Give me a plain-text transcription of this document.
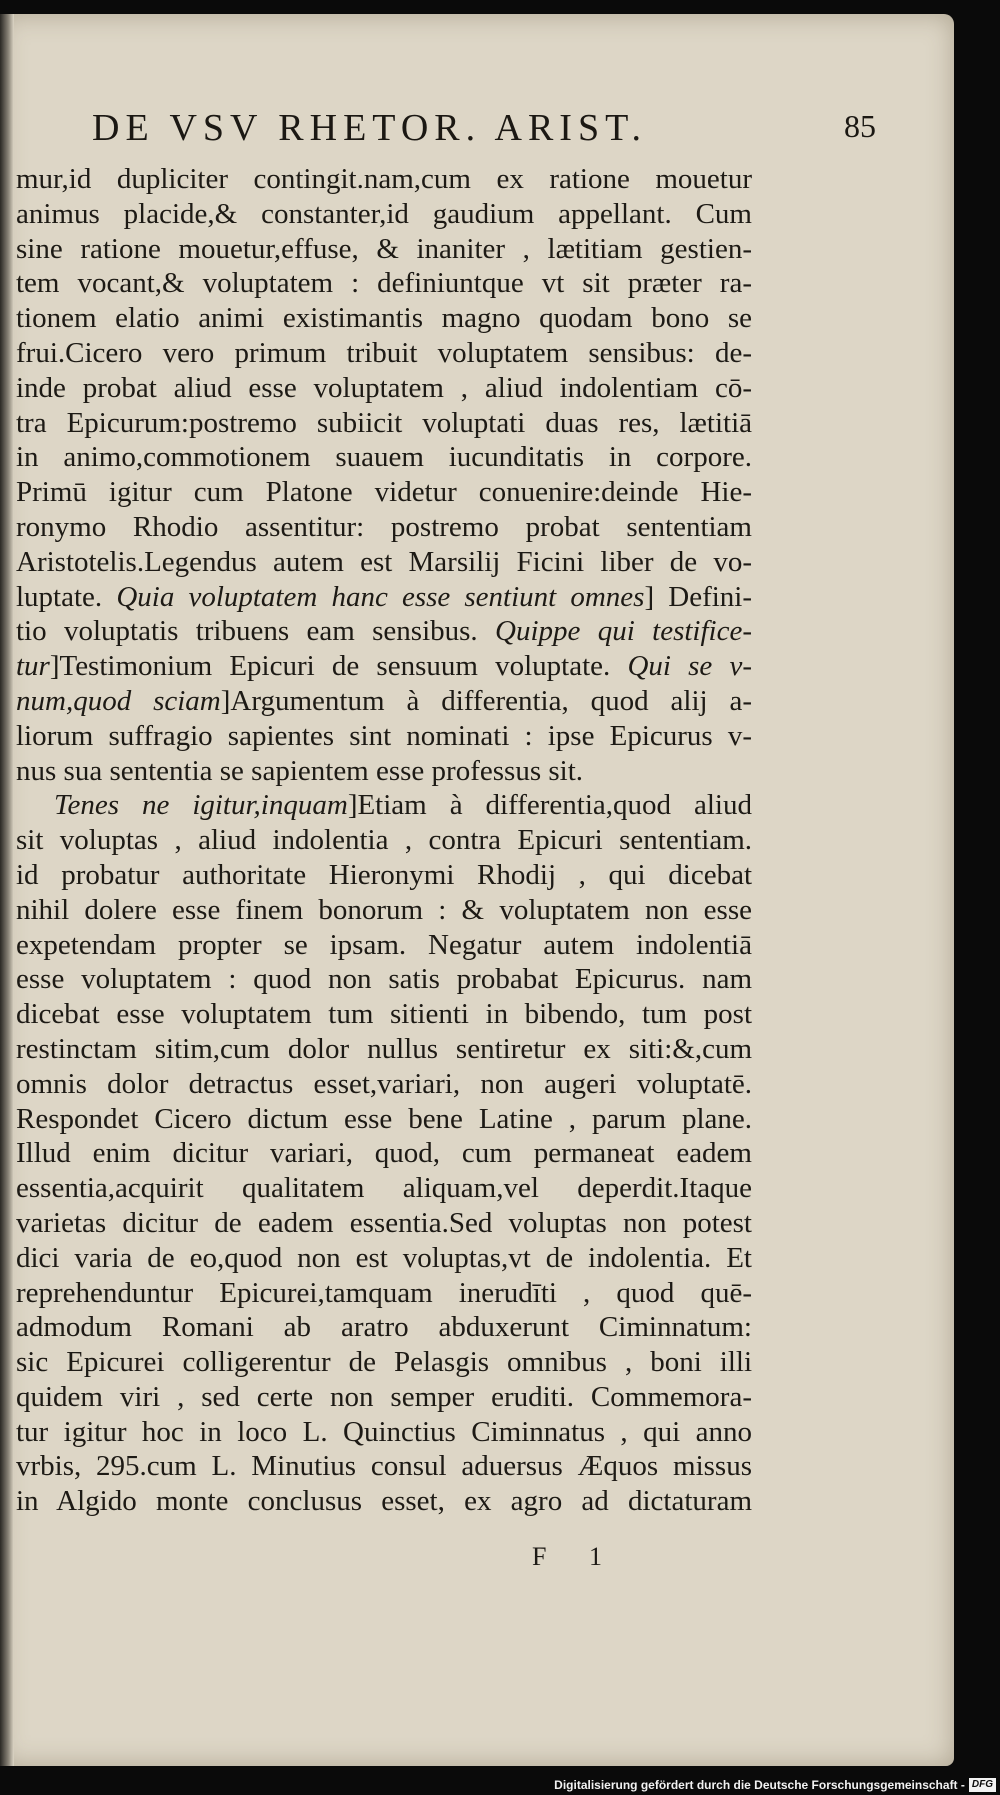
DE VSV RHETOR. ARIST.	85
mur,id dupliciter contingit.nam,cum ex ratione mouetur
animus placide,& constanter,id gaudium appellant. Cum
sine ratione mouetur,effuse, & inaniter , lætitiam gestien-
tem vocant,& voluptatem : definiuntque vt sit præter ra-
tionem elatio animi existimantis magno quodam bono se
frui.Cicero vero primum tribuit voluptatem sensibus: de-
inde probat aliud esse voluptatem , aliud indolentiam cō-
tra Epicurum:postremo subiicit voluptati duas res, lætitiā
in animo,commotionem suauem iucunditatis in corpore.
Primū igitur cum Platone videtur conuenire:deinde Hie-
ronymo Rhodio assentitur: postremo probat sententiam
Aristotelis.Legendus autem est Marsilij Ficini liber de vo-
luptate. Quia voluptatem hanc esse sentiunt omnes] Defini-
tio voluptatis tribuens eam sensibus. Quippe qui testifice-
tur]Testimonium Epicuri de sensuum voluptate. Qui se v-
num,quod sciam]Argumentum à differentia, quod alij a-
liorum suffragio sapientes sint nominati : ipse Epicurus v-
nus sua sententia se sapientem esse professus sit.
Tenes ne igitur,inquam]Etiam à differentia,quod aliud
sit voluptas , aliud indolentia , contra Epicuri sententiam.
id probatur authoritate Hieronymi Rhodij , qui dicebat
nihil dolere esse finem bonorum : & voluptatem non esse
expetendam propter se ipsam. Negatur autem indolentiā
esse voluptatem : quod non satis probabat Epicurus. nam
dicebat esse voluptatem tum sitienti in bibendo, tum post
restinctam sitim,cum dolor nullus sentiretur ex siti:&,cum
omnis dolor detractus esset,variari, non augeri voluptatē.
Respondet Cicero dictum esse bene Latine , parum plane.
Illud enim dicitur variari, quod, cum permaneat eadem
essentia,acquirit qualitatem aliquam,vel deperdit.Itaque
varietas dicitur de eadem essentia.Sed voluptas non potest
dici varia de eo,quod non est voluptas,vt de indolentia. Et
reprehenduntur Epicurei,tamquam inerudīti , quod quē-
admodum Romani ab aratro abduxerunt Ciminnatum:
sic Epicurei colligerentur de Pelasgis omnibus , boni illi
quidem viri , sed certe non semper eruditi. Commemora-
tur igitur hoc in loco L. Quinctius Ciminnatus , qui anno
vrbis, 295.cum L. Minutius consul aduersus Æquos missus
in Algido monte conclusus esset, ex agro ad dictaturam
F 1
Digitalisierung gefördert durch die Deutsche Forschungsgemeinschaft - DFG
